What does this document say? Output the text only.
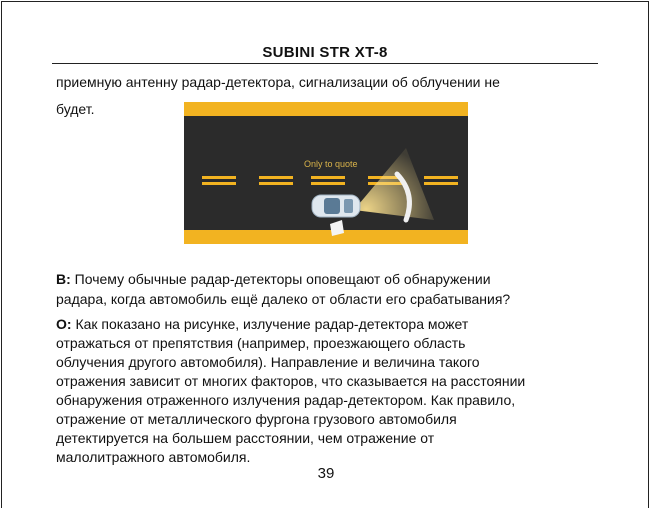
SUBINI STR XT-8
приемную антенну радар-детектора, сигнализации об облучении не
будет.
Only to quote
В: Почему обычные радар-детекторы оповещают об обнаружении
радара, когда автомобиль ещё далеко от области его срабатывания?
О: Как показано на рисунке, излучение радар-детектора может
отражаться от препятствия (например, проезжающего область
облучения другого автомобиля). Направление и величина такого
отражения зависит от многих факторов, что сказывается на расстоянии
обнаружения отраженного излучения радар-детектором. Как правило,
отражение от металлического фургона грузового автомобиля
детектируется на большем расстоянии, чем отражение от
малолитражного автомобиля.
39
